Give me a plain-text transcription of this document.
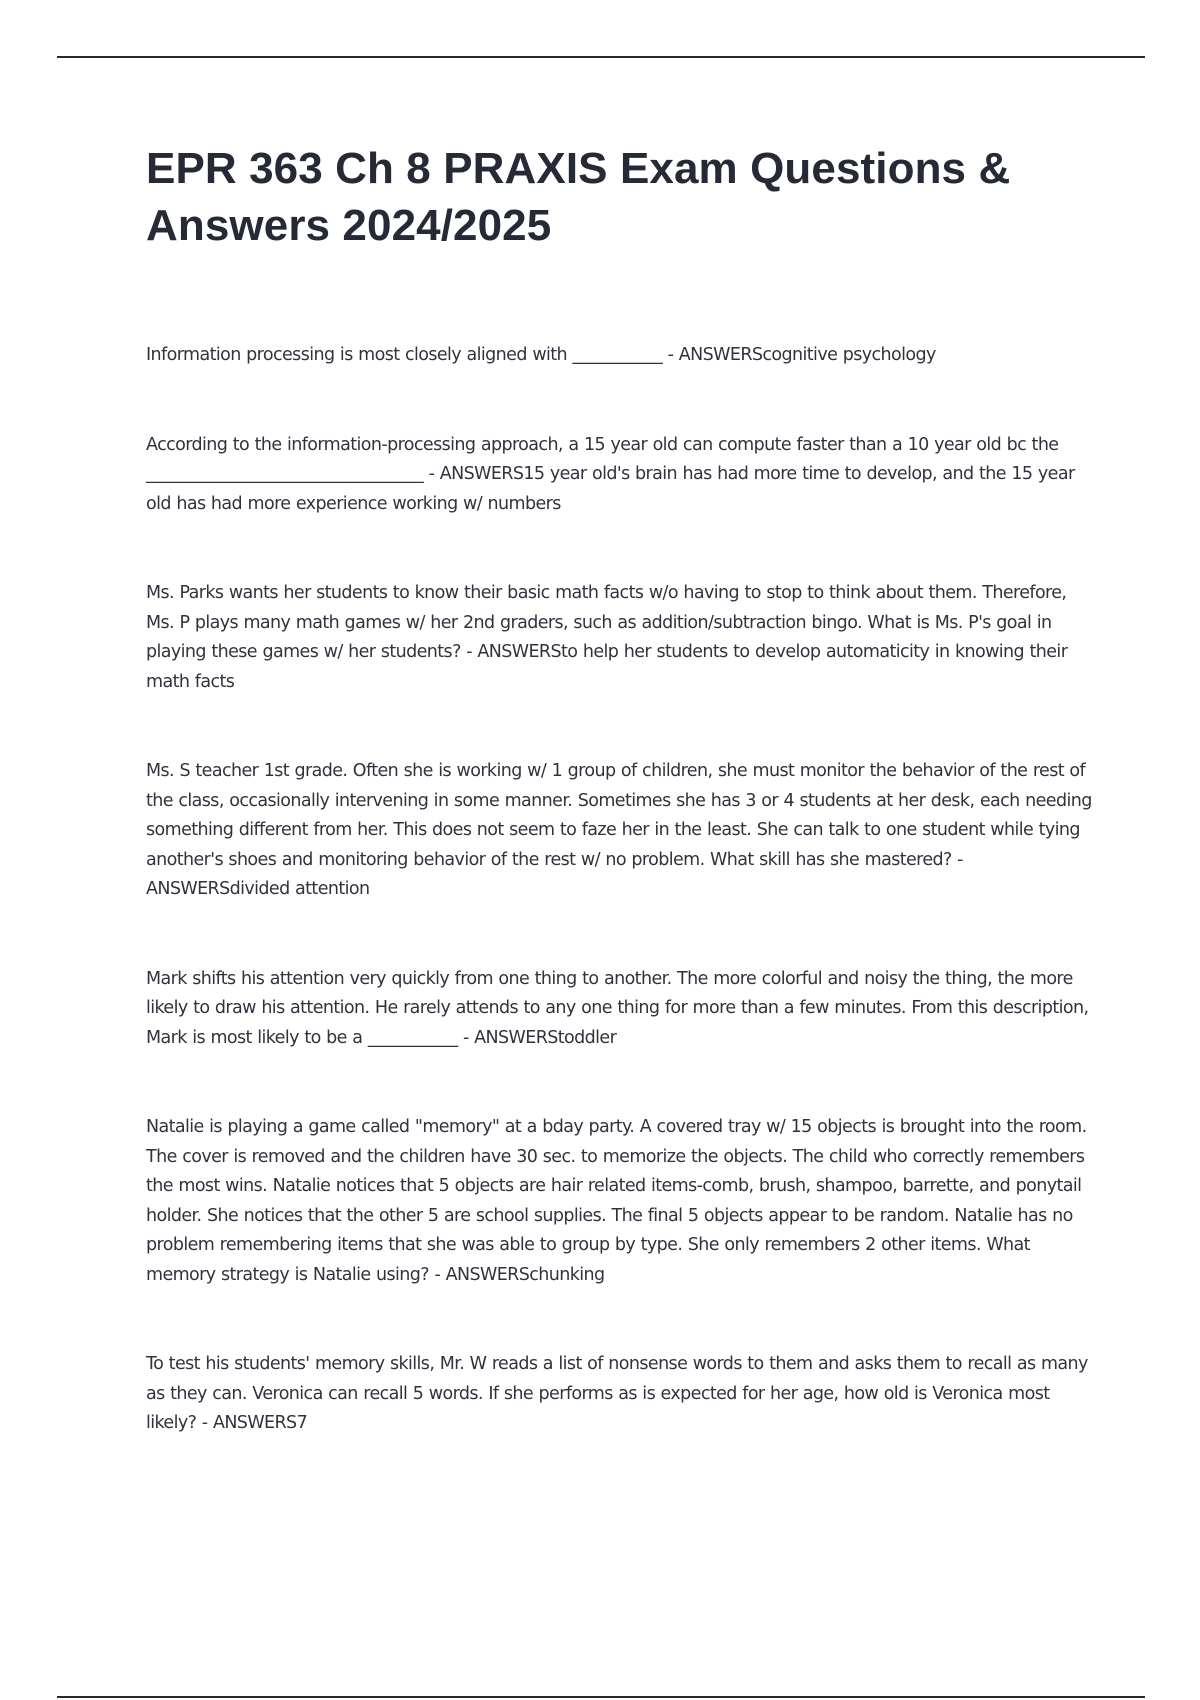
EPR 363 Ch 8 PRAXIS Exam Questions & Answers 2024/2025

Information processing is most closely aligned with ___________ - ANSWERScognitive psychology

According to the information-processing approach, a 15 year old can compute faster than a 10 year old bc the __________________________________ - ANSWERS15 year old's brain has had more time to develop, and the 15 year old has had more experience working w/ numbers

Ms. Parks wants her students to know their basic math facts w/o having to stop to think about them. Therefore, Ms. P plays many math games w/ her 2nd graders, such as addition/subtraction bingo. What is Ms. P's goal in playing these games w/ her students? - ANSWERSto help her students to develop automaticity in knowing their math facts

Ms. S teacher 1st grade. Often she is working w/ 1 group of children, she must monitor the behavior of the rest of the class, occasionally intervening in some manner. Sometimes she has 3 or 4 students at her desk, each needing something different from her. This does not seem to faze her in the least. She can talk to one student while tying another's shoes and monitoring behavior of the rest w/ no problem. What skill has she mastered? - ANSWERSdivided attention

Mark shifts his attention very quickly from one thing to another. The more colorful and noisy the thing, the more likely to draw his attention. He rarely attends to any one thing for more than a few minutes. From this description, Mark is most likely to be a ___________ - ANSWERStoddler

Natalie is playing a game called "memory" at a bday party. A covered tray w/ 15 objects is brought into the room. The cover is removed and the children have 30 sec. to memorize the objects. The child who correctly remembers the most wins. Natalie notices that 5 objects are hair related items-comb, brush, shampoo, barrette, and ponytail holder. She notices that the other 5 are school supplies. The final 5 objects appear to be random. Natalie has no problem remembering items that she was able to group by type. She only remembers 2 other items. What memory strategy is Natalie using? - ANSWERSchunking

To test his students' memory skills, Mr. W reads a list of nonsense words to them and asks them to recall as many as they can. Veronica can recall 5 words. If she performs as is expected for her age, how old is Veronica most likely? - ANSWERS7
